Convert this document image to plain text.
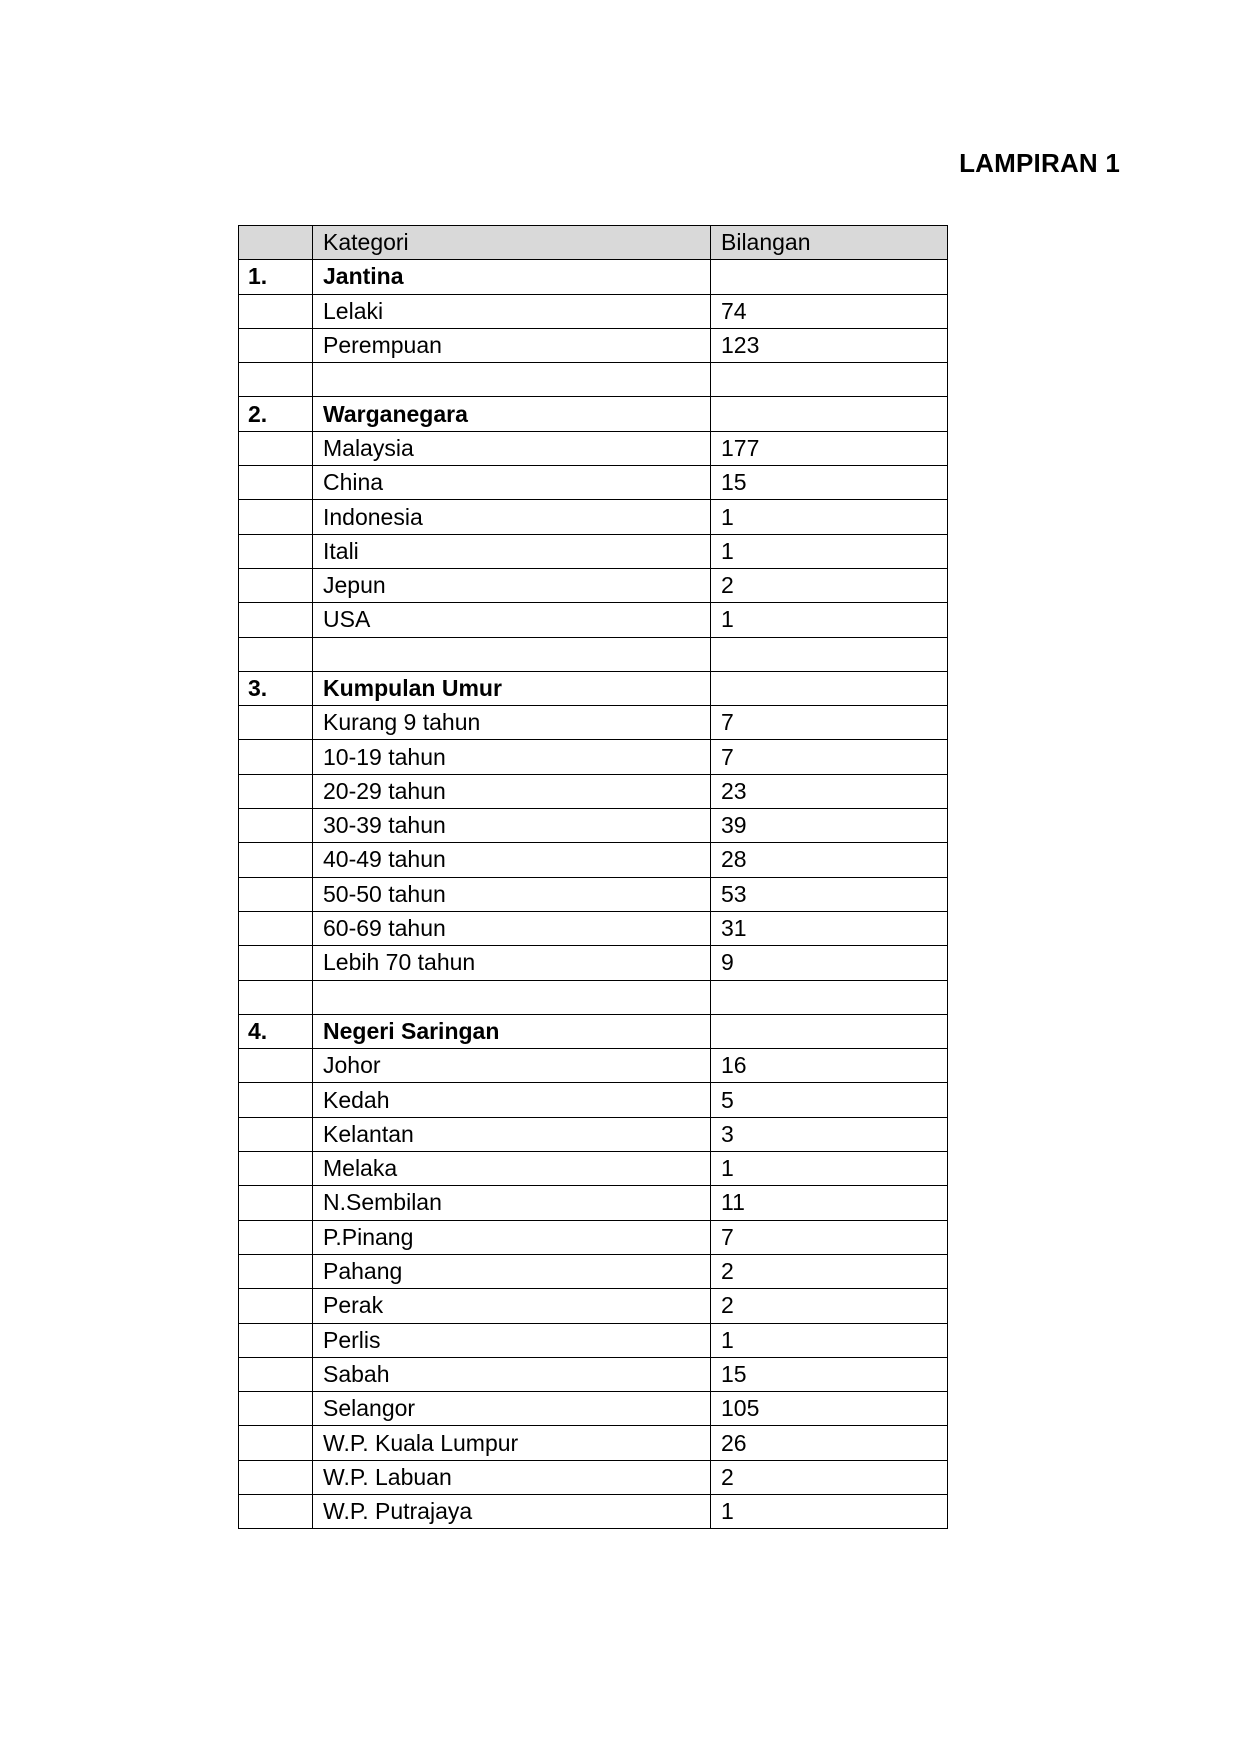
LAMPIRAN 1
	Kategori	Bilangan
1.	Jantina	
	Lelaki	74
	Perempuan	123

2.	Warganegara	
	Malaysia	177
	China	15
	Indonesia	1
	Itali	1
	Jepun	2
	USA	1

3.	Kumpulan Umur	
	Kurang 9 tahun	7
	10-19 tahun	7
	20-29 tahun	23
	30-39 tahun	39
	40-49 tahun	28
	50-50 tahun	53
	60-69 tahun	31
	Lebih 70 tahun	9

4.	Negeri Saringan	
	Johor	16
	Kedah	5
	Kelantan	3
	Melaka	1
	N.Sembilan	11
	P.Pinang	7
	Pahang	2
	Perak	2
	Perlis	1
	Sabah	15
	Selangor	105
	W.P. Kuala Lumpur	26
	W.P. Labuan	2
	W.P. Putrajaya	1
